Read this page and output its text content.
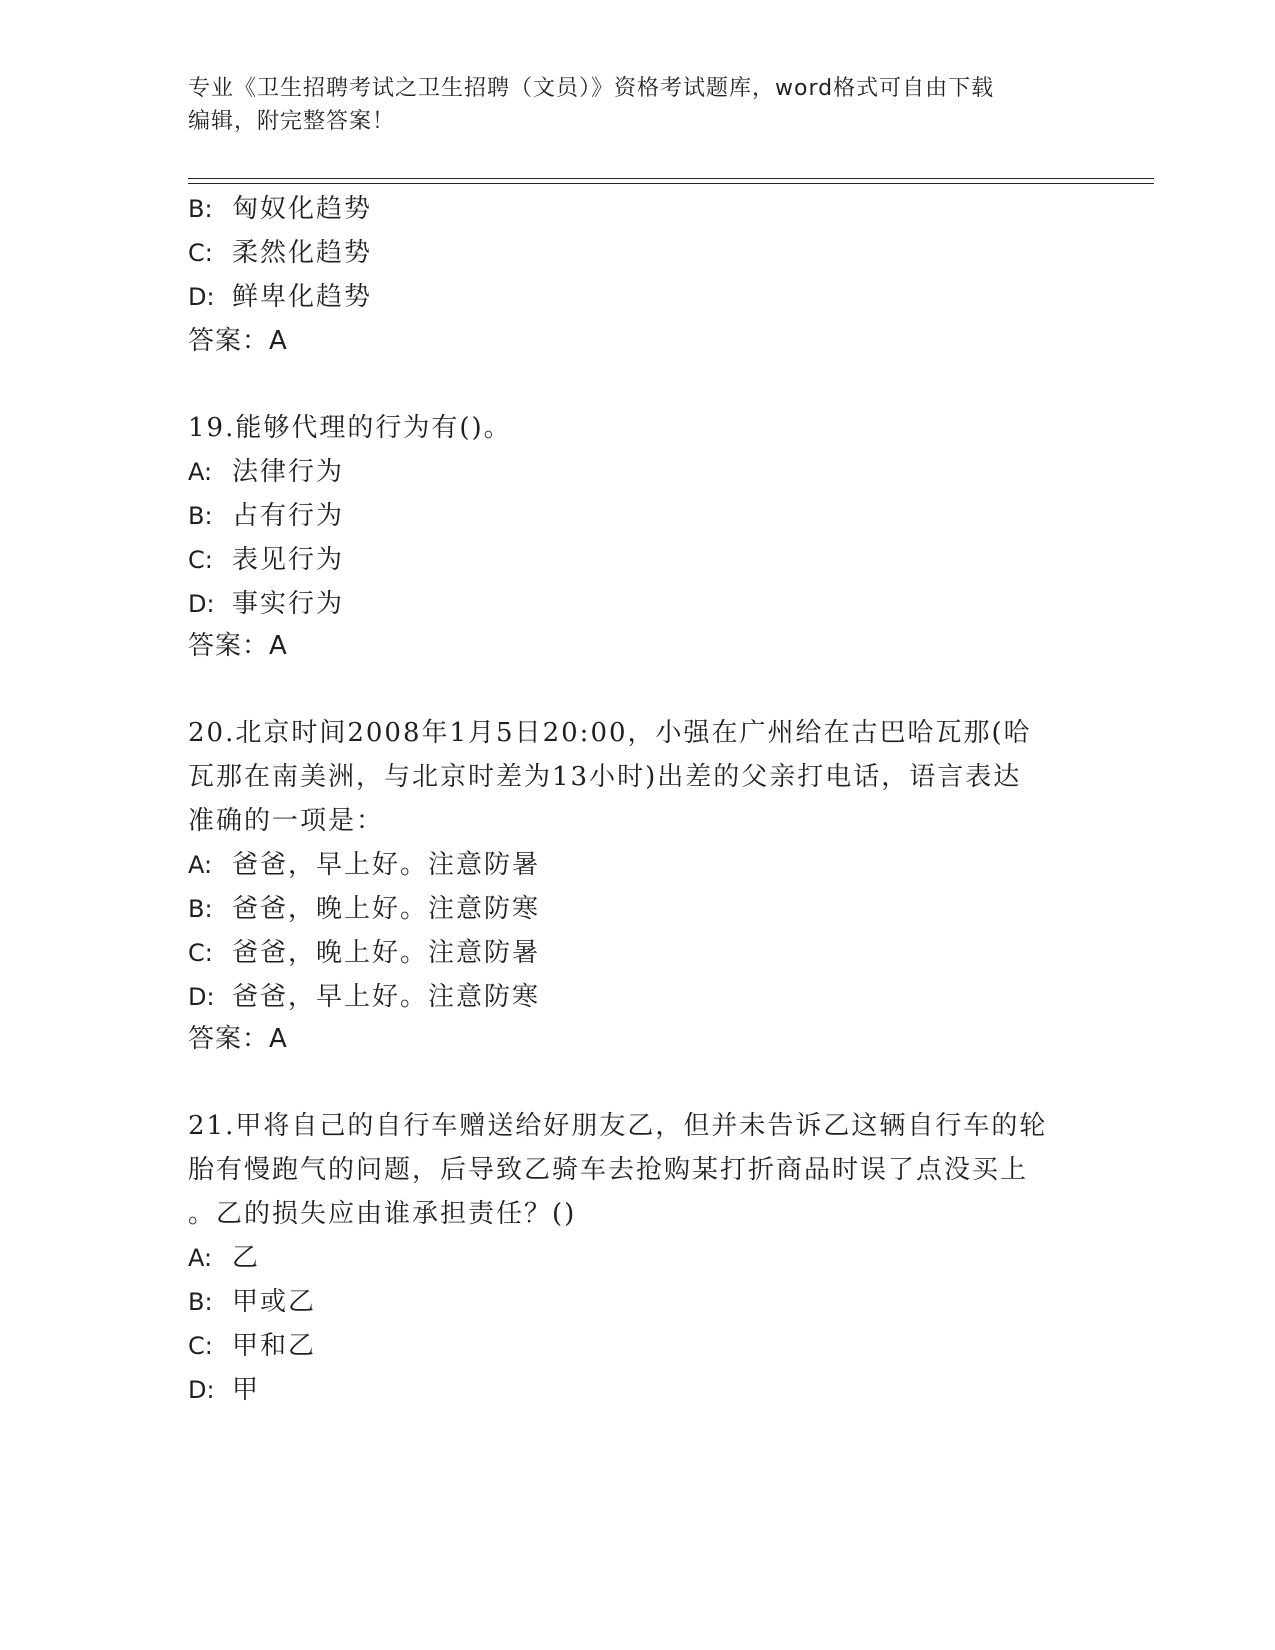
专业《卫生招聘考试之卫生招聘（文员）》资格考试题库，word格式可自由下载
编辑，附完整答案！
B: 匈奴化趋势
C: 柔然化趋势
D: 鲜卑化趋势
答案：A
19.能够代理的行为有()。
A: 法律行为
B: 占有行为
C: 表见行为
D: 事实行为
答案：A
20.北京时间2008年1月5日20:00，小强在广州给在古巴哈瓦那(哈
瓦那在南美洲，与北京时差为13小时)出差的父亲打电话，语言表达
准确的一项是：
A: 爸爸，早上好。注意防暑
B: 爸爸，晚上好。注意防寒
C: 爸爸，晚上好。注意防暑
D: 爸爸，早上好。注意防寒
答案：A
21.甲将自己的自行车赠送给好朋友乙，但并未告诉乙这辆自行车的轮
胎有慢跑气的问题，后导致乙骑车去抢购某打折商品时误了点没买上
。乙的损失应由谁承担责任？()
A: 乙
B: 甲或乙
C: 甲和乙
D: 甲
